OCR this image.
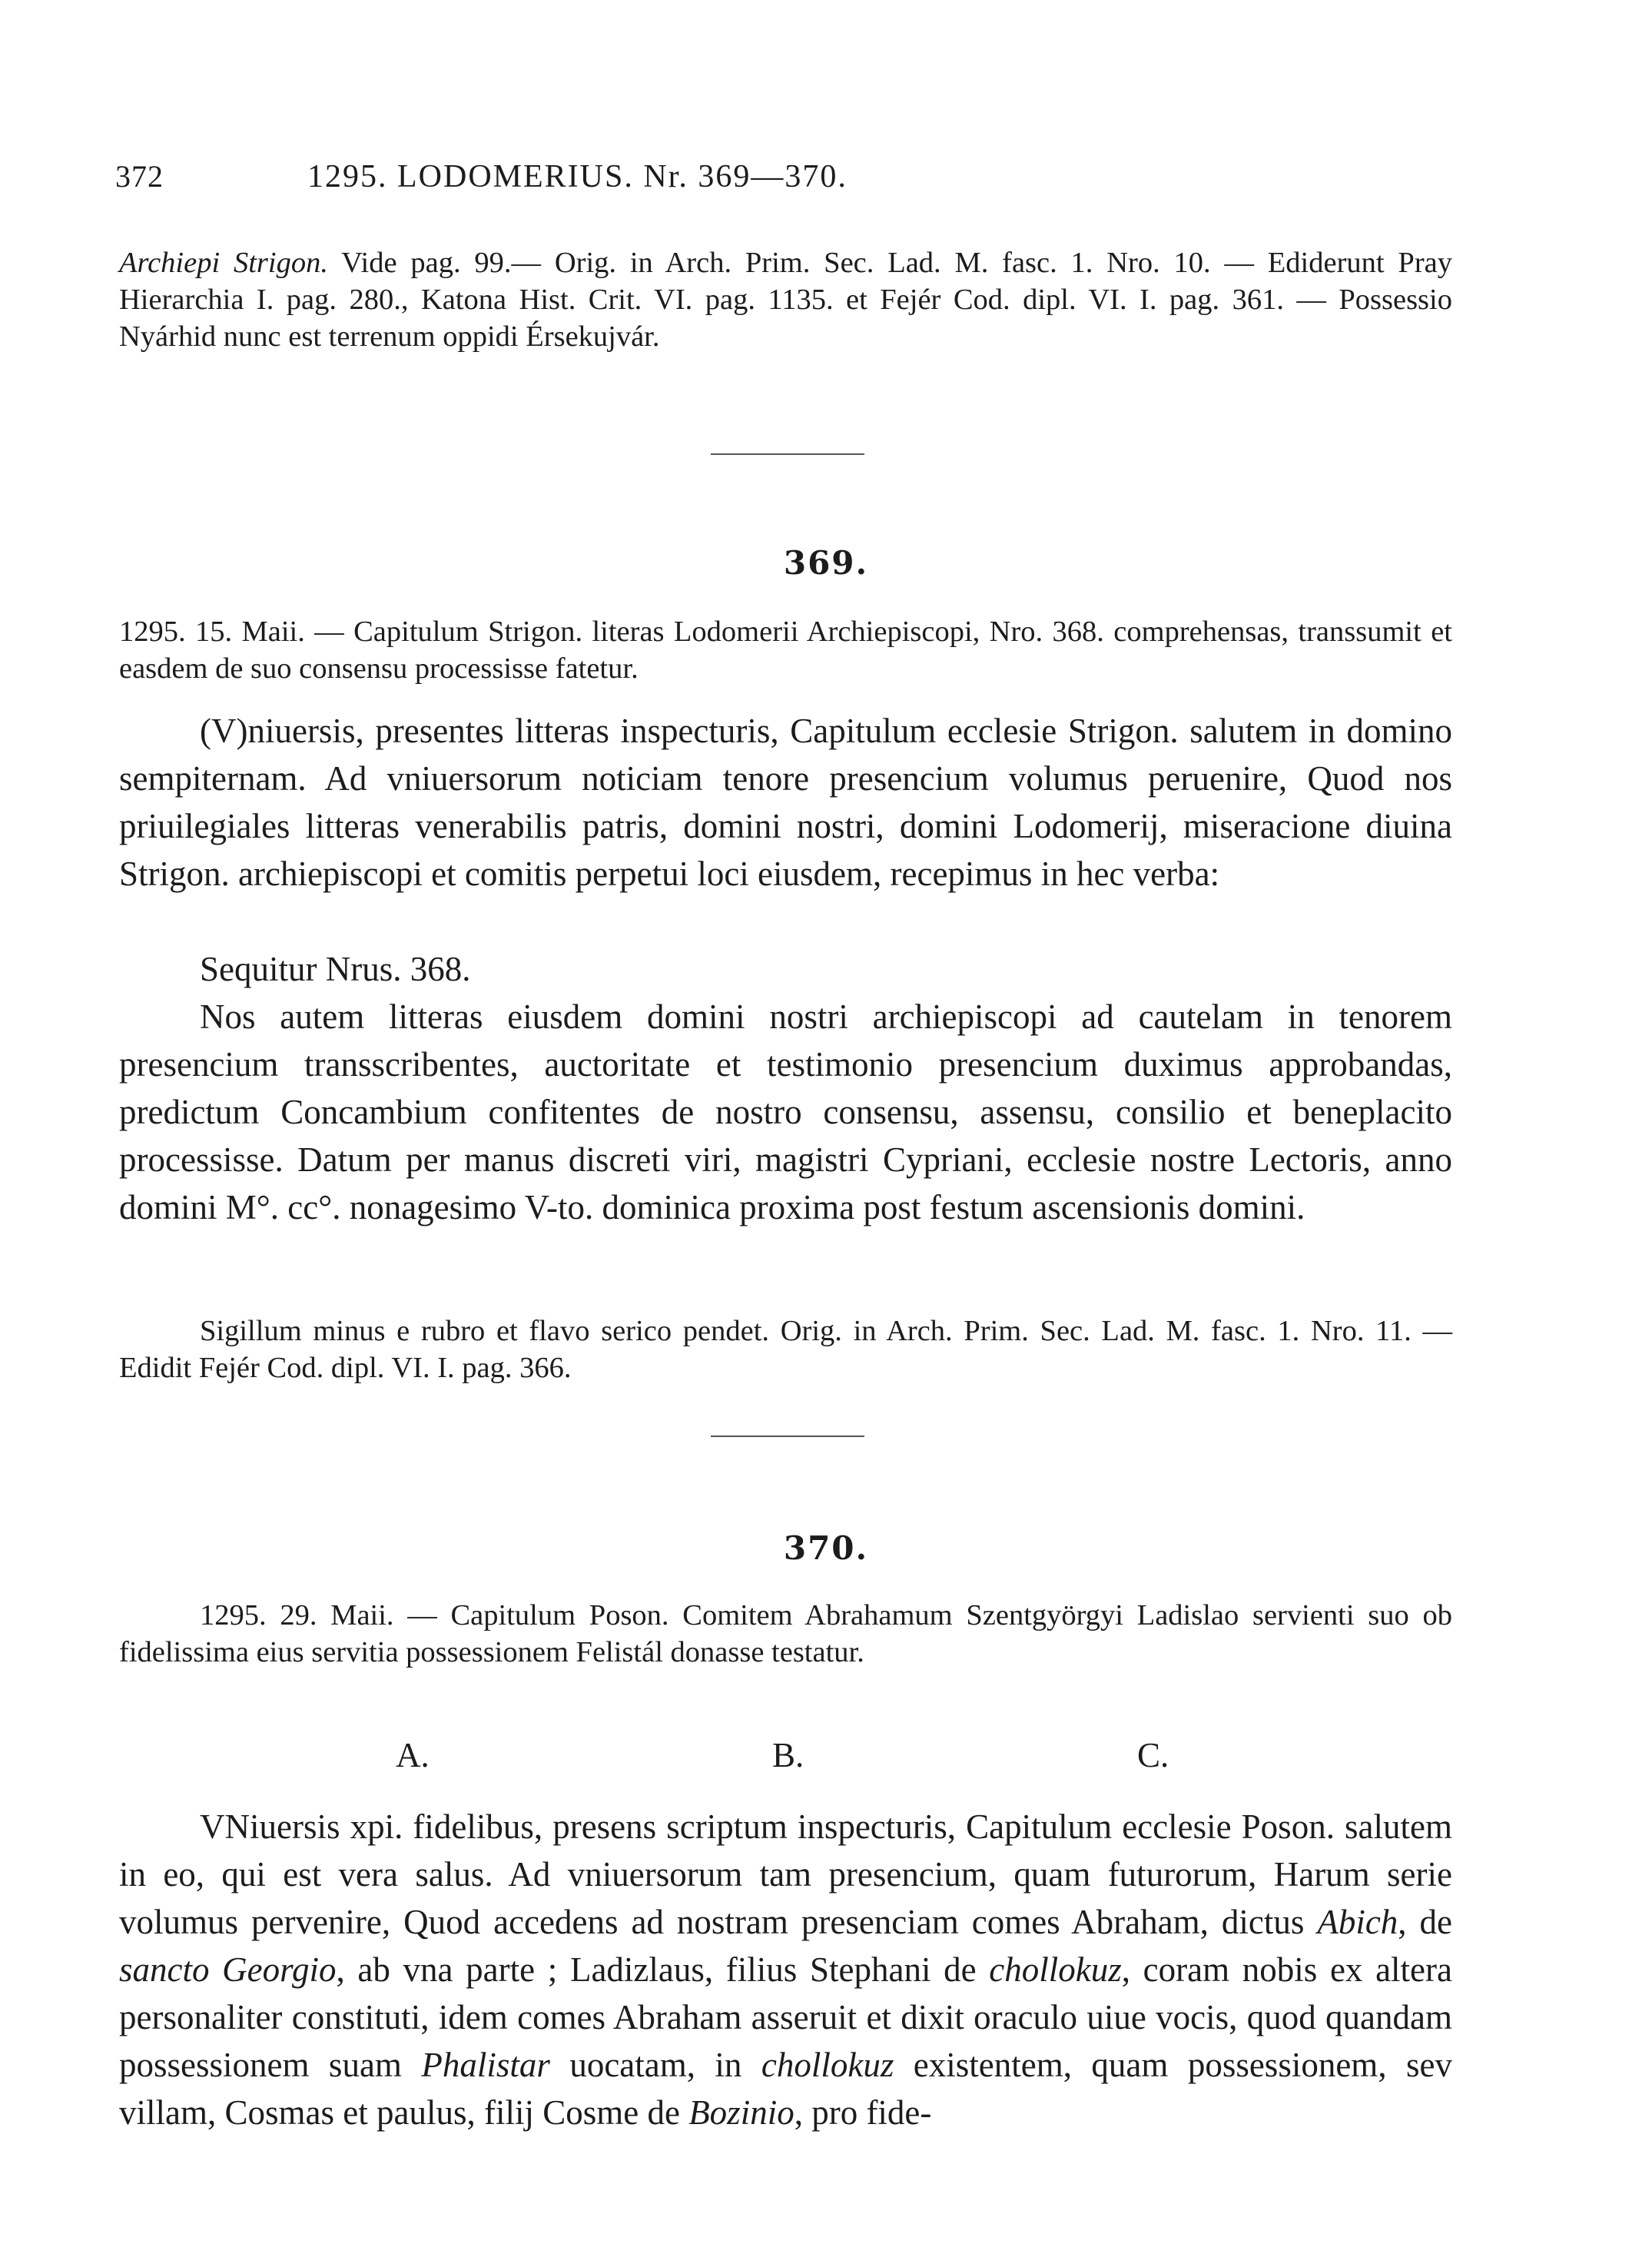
372	1295. LODOMERIUS. Nr. 369—370.
Archiepi Strigon. Vide pag. 99.— Orig. in Arch. Prim. Sec. Lad. M. fasc. 1. Nro. 10. — Ediderunt Pray Hierarchia I. pag. 280., Katona Hist. Crit. VI. pag. 1135. et Fejér Cod. dipl. VI. I. pag. 361. — Possessio Nyárhid nunc est terrenum oppidi Érsekujvár.
369.
1295. 15. Maii. — Capitulum Strigon. literas Lodomerii Archiepiscopi, Nro. 368. comprehensas, transsumit et easdem de suo consensu processisse fatetur.
(V)niuersis, presentes litteras inspecturis, Capitulum ecclesie Strigon. salutem in domino sempiternam. Ad vniuersorum noticiam tenore presencium volumus peruenire, Quod nos priuilegiales litteras venerabilis patris, domini nostri, domini Lodomerij, miseracione diuina Strigon. archiepiscopi et comitis perpetui loci eiusdem, recepimus in hec verba:
Sequitur Nrus. 368.
Nos autem litteras eiusdem domini nostri archiepiscopi ad cautelam in tenorem presencium transscribentes, auctoritate et testimonio presencium duximus approbandas, predictum Concambium confitentes de nostro consensu, assensu, consilio et beneplacito processisse. Datum per manus discreti viri, magistri Cypriani, ecclesie nostre Lectoris, anno domini M°. cc°. nonagesimo V-to. dominica proxima post festum ascensionis domini.
Sigillum minus e rubro et flavo serico pendet. Orig. in Arch. Prim. Sec. Lad. M. fasc. 1. Nro. 11. — Edidit Fejér Cod. dipl. VI. I. pag. 366.
370.
1295. 29. Maii. — Capitulum Poson. Comitem Abrahamum Szentgyörgyi Ladislao servienti suo ob fidelissima eius servitia possessionem Felistál donasse testatur.
A.	B.	C.
VNiuersis xpi. fidelibus, presens scriptum inspecturis, Capitulum ecclesie Poson. salutem in eo, qui est vera salus. Ad vniuersorum tam presencium, quam futurorum, Harum serie volumus pervenire, Quod accedens ad nostram presenciam comes Abraham, dictus Abich, de sancto Georgio, ab vna parte ; Ladizlaus, filius Stephani de chollokuz, coram nobis ex altera personaliter constituti, idem comes Abraham asseruit et dixit oraculo uiue vocis, quod quandam possessionem suam Phalistar uocatam, in chollokuz existentem, quam possessionem, sev villam, Cosmas et paulus, filij Cosme de Bozinio, pro fide-
